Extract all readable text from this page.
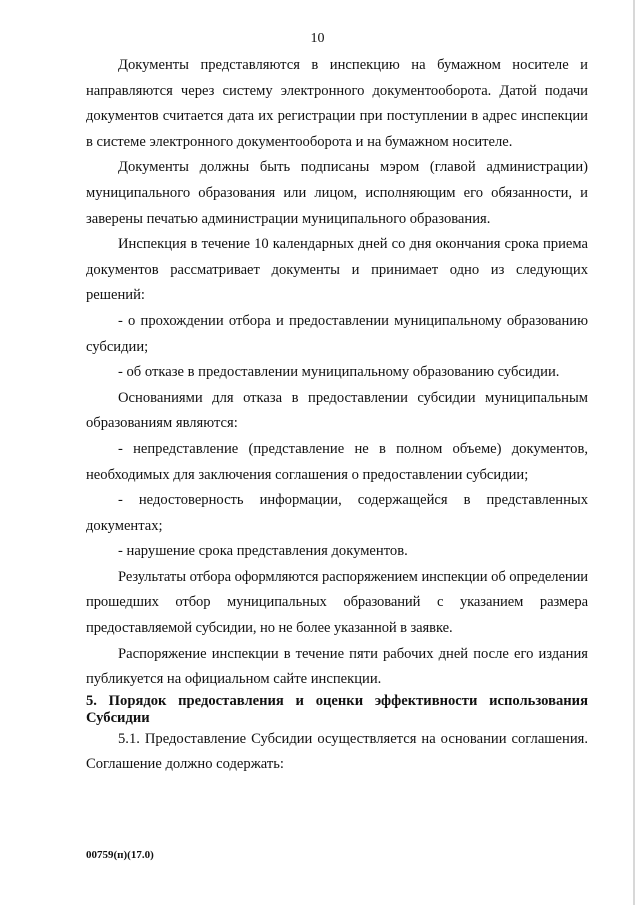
10

Документы представляются в инспекцию на бумажном носителе и направляются через систему электронного документооборота. Датой подачи документов считается дата их регистрации при поступлении в адрес инспекции в системе электронного документооборота и на бумажном носителе.

Документы должны быть подписаны мэром (главой администрации) муниципального образования или лицом, исполняющим его обязанности, и заверены печатью администрации муниципального образования.

Инспекция в течение 10 календарных дней со дня окончания срока приема документов рассматривает документы и принимает одно из следующих решений:

- о прохождении отбора и предоставлении муниципальному образованию субсидии;

- об отказе в предоставлении муниципальному образованию субсидии.

Основаниями для отказа в предоставлении субсидии муниципальным образованиям являются:

- непредставление (представление не в полном объеме) документов, необходимых для заключения соглашения о предоставлении субсидии;

- недостоверность информации, содержащейся в представленных документах;

- нарушение срока представления документов.

Результаты отбора оформляются распоряжением инспекции об определении прошедших отбор муниципальных образований с указанием размера предоставляемой субсидии, но не более указанной в заявке.

Распоряжение инспекции в течение пяти рабочих дней после его издания публикуется на официальном сайте инспекции.

5. Порядок предоставления и оценки эффективности использования Субсидии

5.1. Предоставление Субсидии осуществляется на основании соглашения. Соглашение должно содержать:

00759(п)(17.0)
